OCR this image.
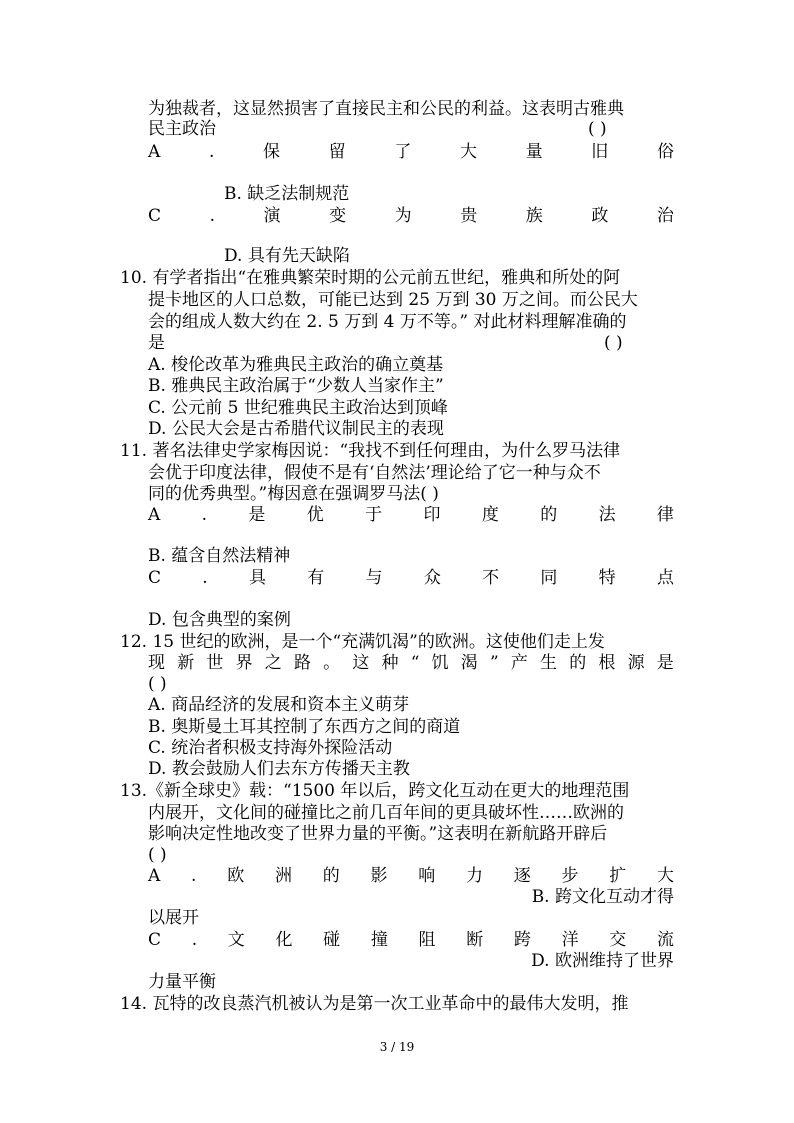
为独裁者，这显然损害了直接民主和公民的利益。这表明古雅典
民主政治	( )
A	.	保	留	了	大	量	旧	俗
B. 缺乏法制规范
C	.	演	变	为	贵	族	政	治
D. 具有先天缺陷
10. 有学者指出“在雅典繁荣时期的公元前五世纪，雅典和所处的阿
提卡地区的人口总数，可能已达到 25 万到 30 万之间。而公民大
会的组成人数大约在 2. 5 万到 4 万不等。” 对此材料理解准确的
是	( )
A. 梭伦改革为雅典民主政治的确立奠基
B. 雅典民主政治属于“少数人当家作主”
C. 公元前 5 世纪雅典民主政治达到顶峰
D. 公民大会是古希腊代议制民主的表现
11. 著名法律史学家梅因说：“我找不到任何理由，为什么罗马法律
会优于印度法律，假使不是有‘自然法’理论给了它一种与众不
同的优秀典型。”梅因意在强调罗马法( )
A . 是 优 于 印 度 的 法 律
B. 蕴含自然法精神
C . 具 有 与 众 不 同 特 点
D. 包含典型的案例
12. 15 世纪的欧洲，是一个“充满饥渴”的欧洲。这使他们走上发
现 新 世 界 之 路 。 这 种 “ 饥 渴 ” 产 生 的 根 源 是
( )
A. 商品经济的发展和资本主义萌芽
B. 奥斯曼土耳其控制了东西方之间的商道
C. 统治者积极支持海外探险活动
D. 教会鼓励人们去东方传播天主教
13.《新全球史》载：“1500 年以后，跨文化互动在更大的地理范围
内展开，文化间的碰撞比之前几百年间的更具破坏性……欧洲的
影响决定性地改变了世界力量的平衡。”这表明在新航路开辟后
( )
A . 欧 洲 的 影 响 力 逐 步 扩 大
B. 跨文化互动才得
以展开
C . 文 化 碰 撞 阻 断 跨 洋 交 流
D. 欧洲维持了世界
力量平衡
14. 瓦特的改良蒸汽机被认为是第一次工业革命中的最伟大发明，推
3 / 19
